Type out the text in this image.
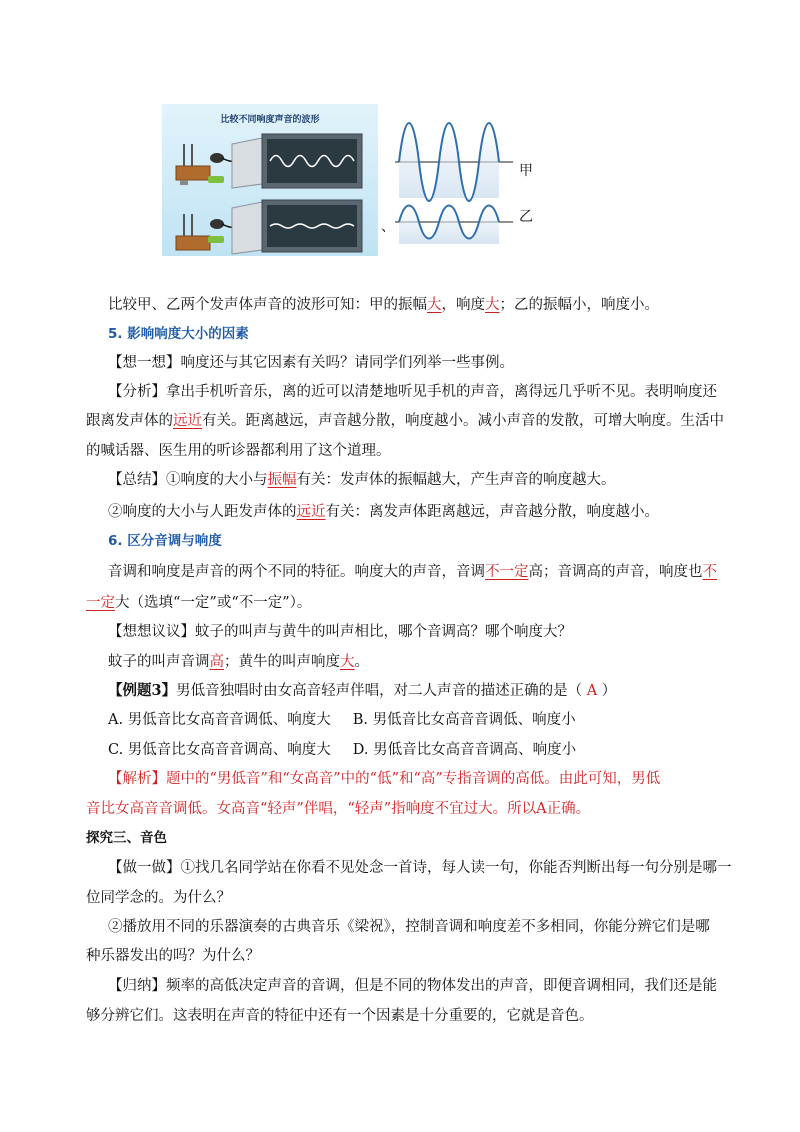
比较不同响度声音的波形
、
甲
乙
比较甲、乙两个发声体声音的波形可知：甲的振幅大，响度大；乙的振幅小，响度小。
5. 影响响度大小的因素
【想一想】响度还与其它因素有关吗？请同学们列举一些事例。
【分析】拿出手机听音乐，离的近可以清楚地听见手机的声音，离得远几乎听不见。表明响度还
跟离发声体的远近有关。距离越远，声音越分散，响度越小。减小声音的发散，可增大响度。生活中
的喊话器、医生用的听诊器都利用了这个道理。
【总结】①响度的大小与振幅有关：发声体的振幅越大，产生声音的响度越大。
②响度的大小与人距发声体的远近有关：离发声体距离越远，声音越分散，响度越小。
6. 区分音调与响度
音调和响度是声音的两个不同的特征。响度大的声音，音调不一定高；音调高的声音，响度也不
一定大（选填“一定”或“不一定”）。
【想想议议】蚊子的叫声与黄牛的叫声相比，哪个音调高？哪个响度大？
蚊子的叫声音调高；黄牛的叫声响度大。
【例题3】男低音独唱时由女高音轻声伴唱，对二人声音的描述正确的是（ A ）
A. 男低音比女高音音调低、响度大 B. 男低音比女高音音调低、响度小
C. 男低音比女高音音调高、响度大 D. 男低音比女高音音调高、响度小
【解析】题中的“男低音”和“女高音”中的“低”和“高”专指音调的高低。由此可知，男低
音比女高音音调低。女高音“轻声”伴唱，“轻声”指响度不宜过大。所以A正确。
探究三、音色
【做一做】①找几名同学站在你看不见处念一首诗，每人读一句，你能否判断出每一句分别是哪一
位同学念的。为什么？
②播放用不同的乐器演奏的古典音乐《梁祝》，控制音调和响度差不多相同，你能分辨它们是哪
种乐器发出的吗？为什么？
【归纳】频率的高低决定声音的音调，但是不同的物体发出的声音，即便音调相同，我们还是能
够分辨它们。这表明在声音的特征中还有一个因素是十分重要的，它就是音色。
